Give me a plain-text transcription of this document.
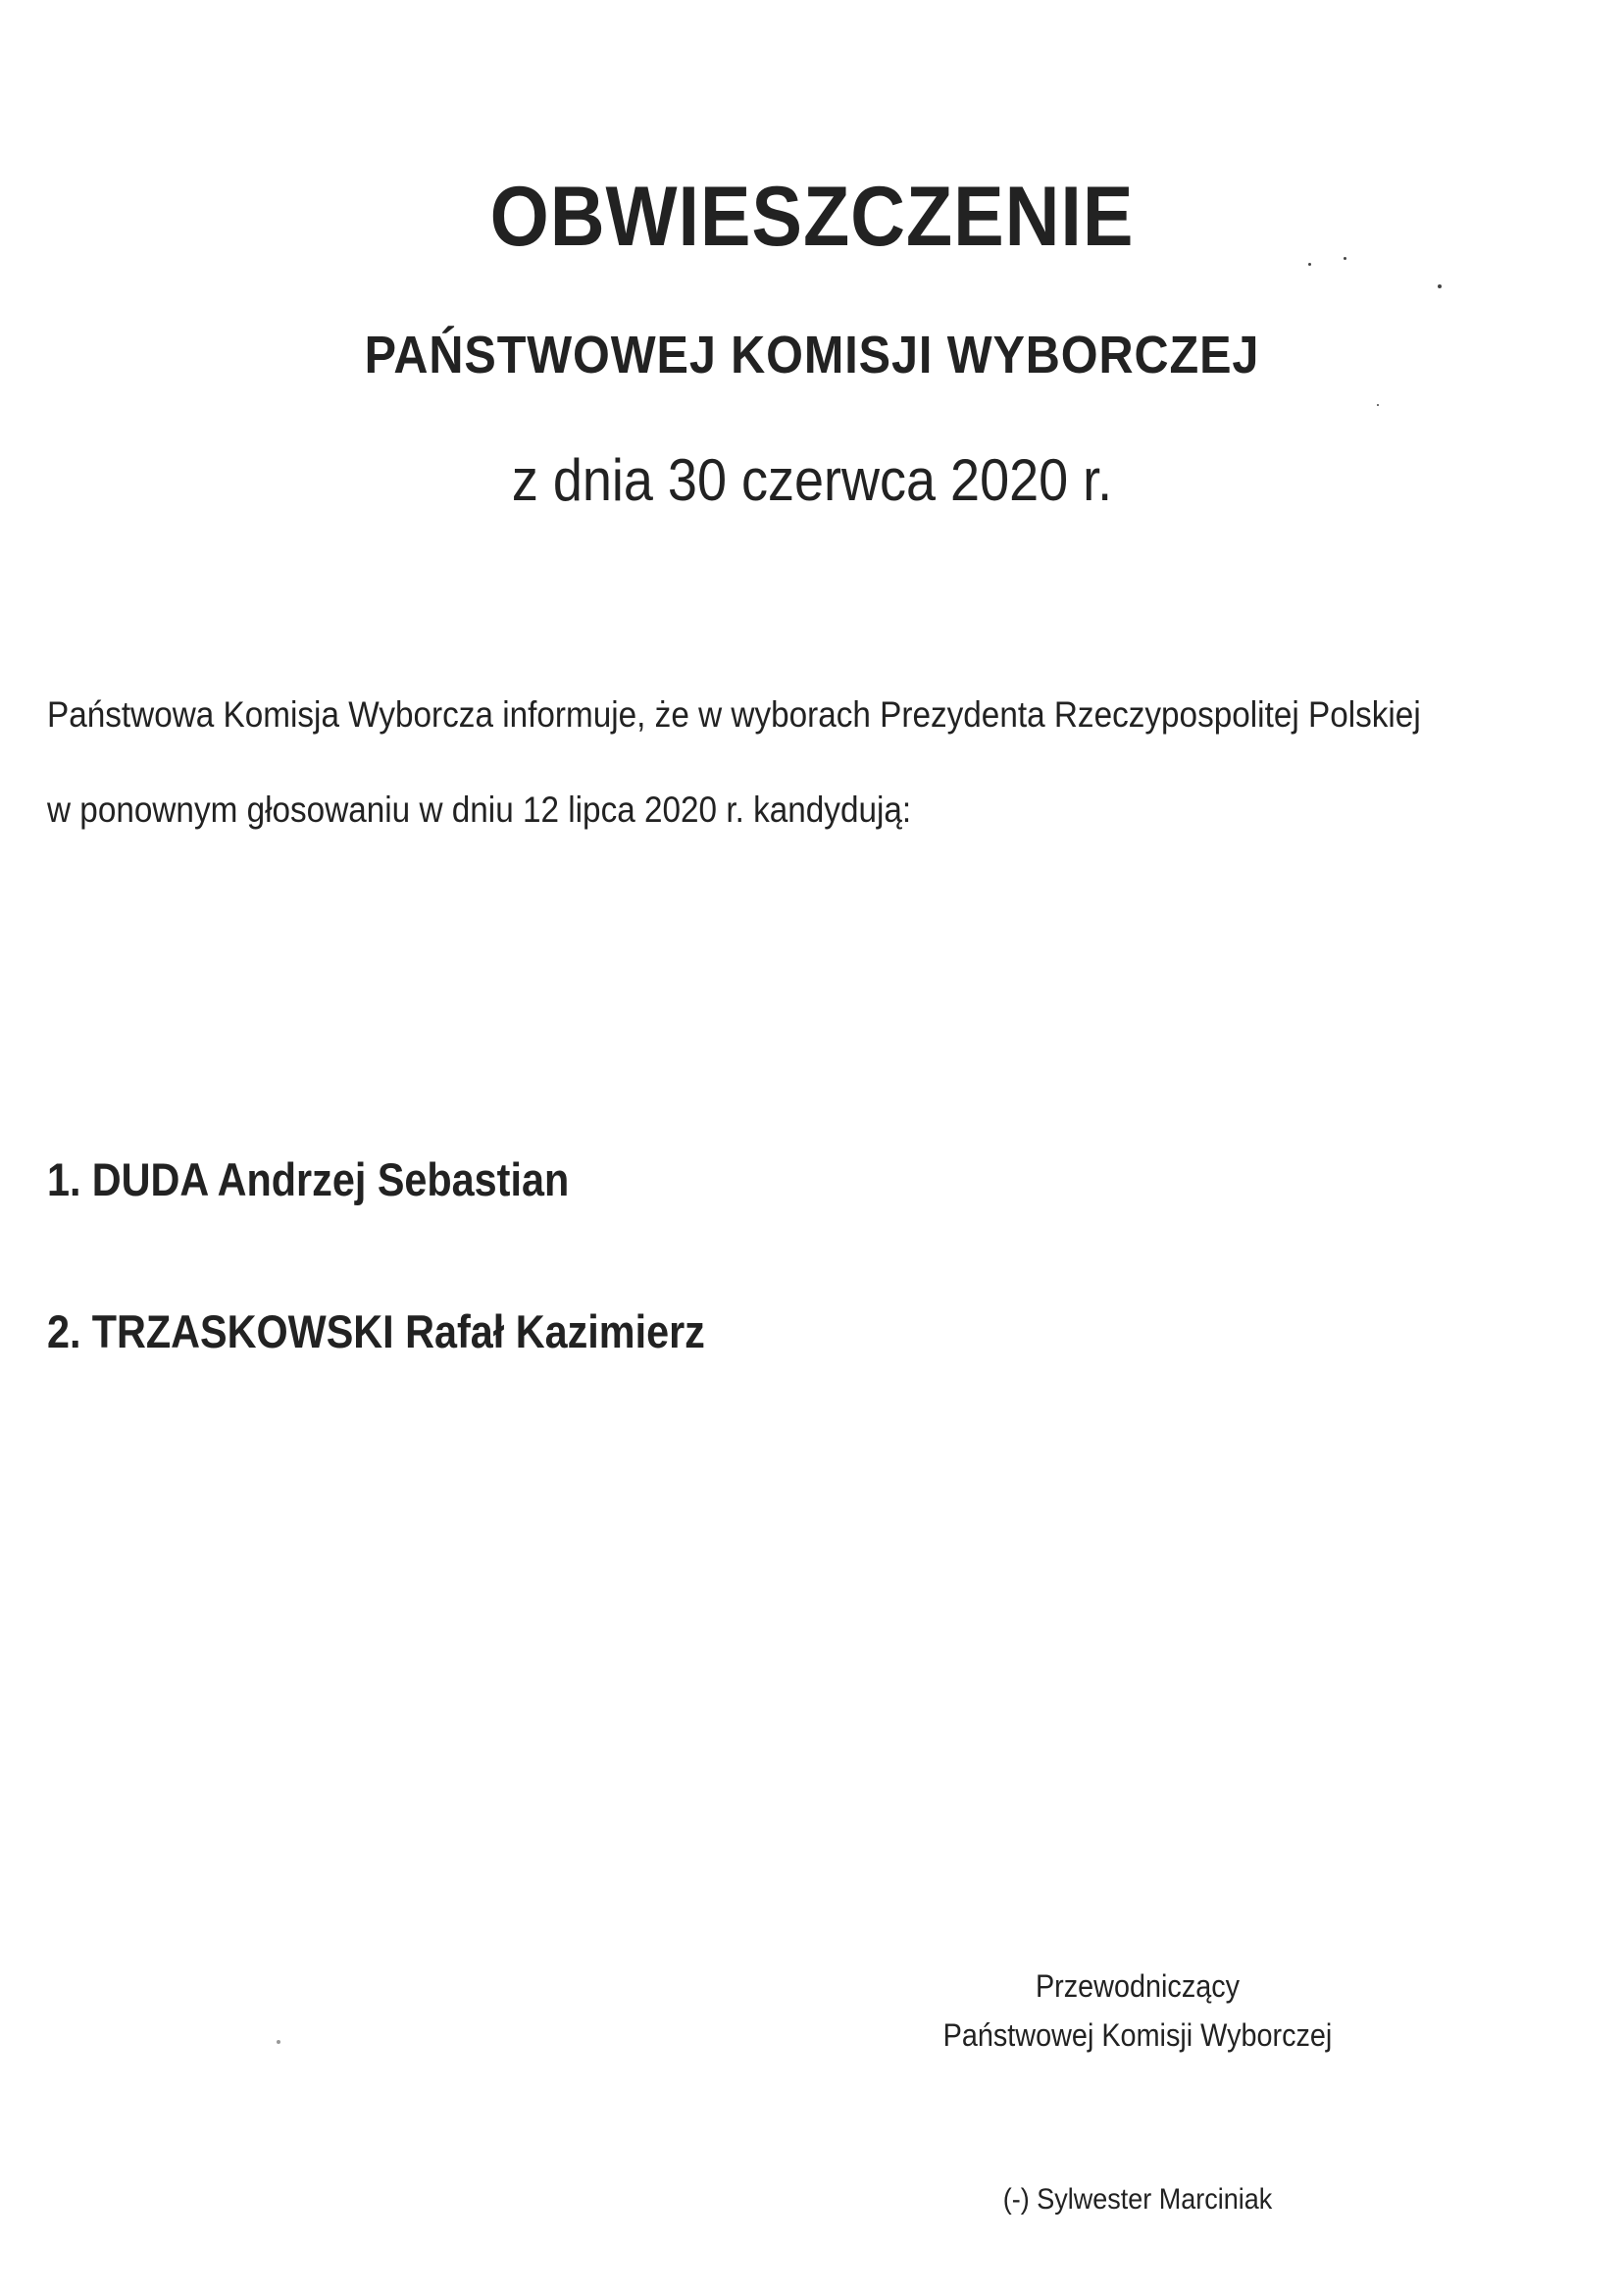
OBWIESZCZENIE
PAŃSTWOWEJ KOMISJI WYBORCZEJ
z dnia 30 czerwca 2020 r.

Państwowa Komisja Wyborcza informuje, że w wyborach Prezydenta Rzeczypospolitej Polskiej

w ponownym głosowaniu w dniu 12 lipca 2020 r. kandydują:

1. DUDA Andrzej Sebastian
2. TRZASKOWSKI Rafał Kazimierz
Przewodniczący
Państwowej Komisji Wyborczej
(-) Sylwester Marciniak
